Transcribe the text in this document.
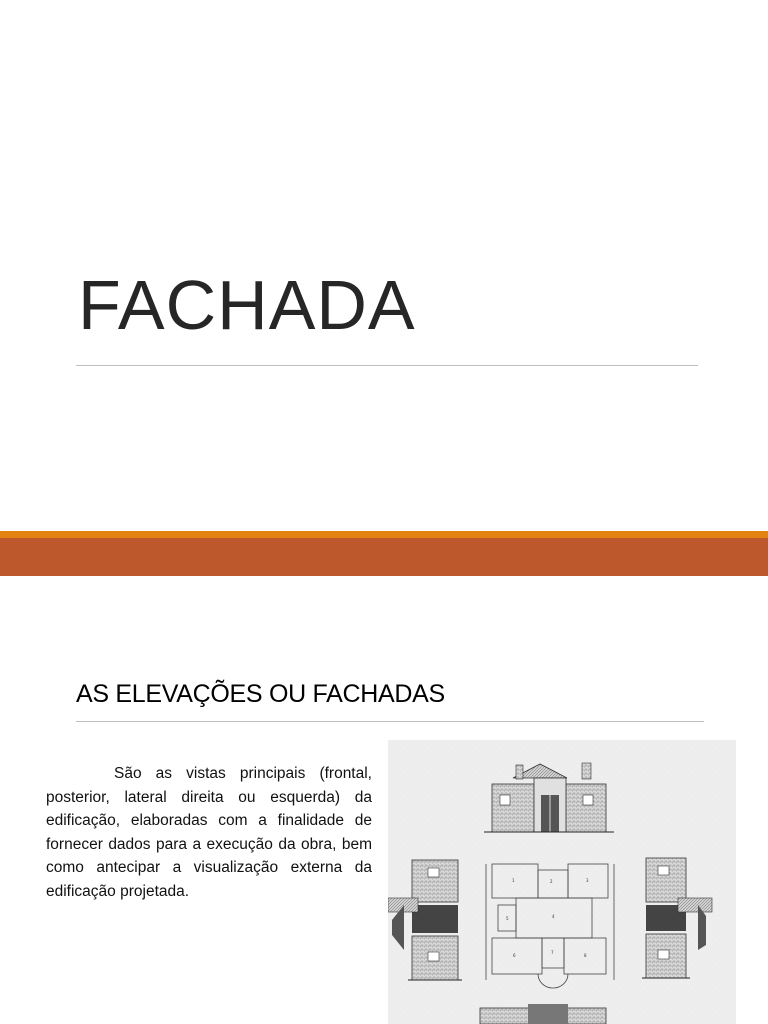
FACHADA
AS ELEVAÇÕES OU FACHADAS
São as vistas principais (frontal, posterior, lateral direita ou esquerda) da edificação, elaboradas com a finalidade de fornecer dados para a execução da obra, bem como antecipar a visualização externa da edificação projetada.
1	2	3
4
5
6
7
8
